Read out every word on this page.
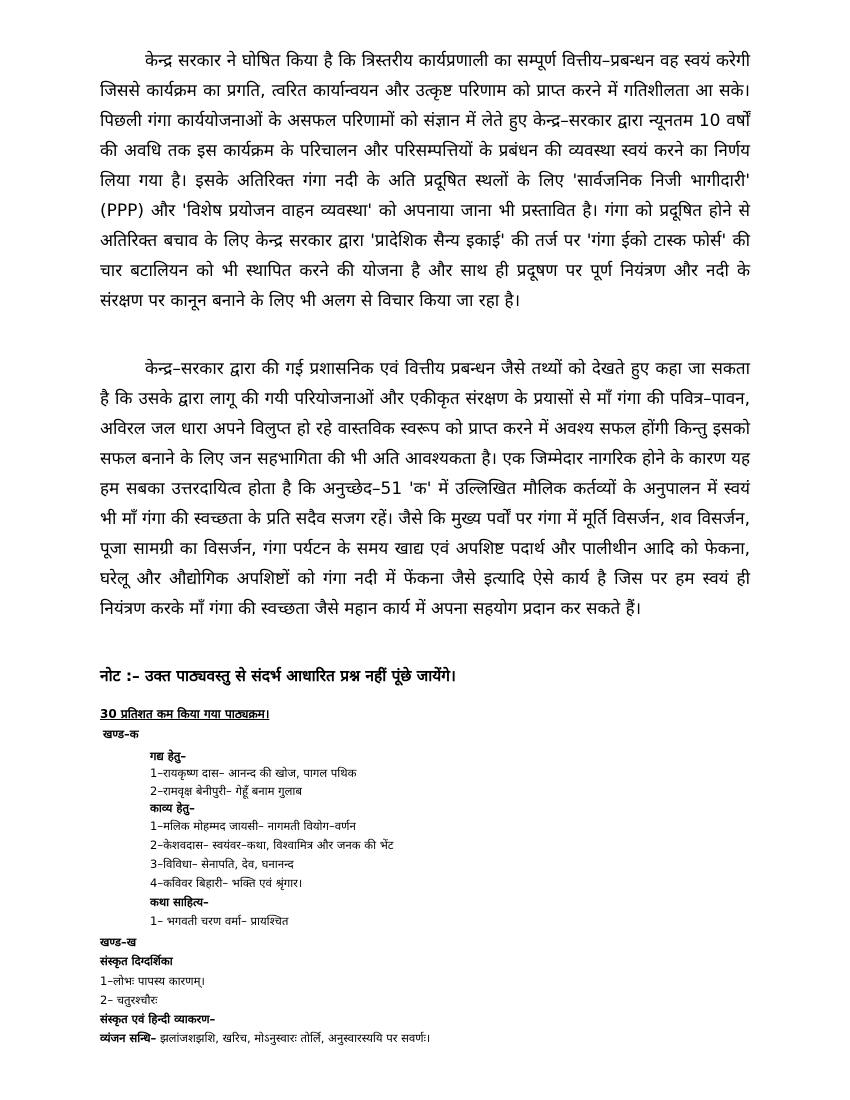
केन्द्र सरकार ने घोषित किया है कि त्रिस्तरीय कार्यप्रणाली का सम्पूर्ण वित्तीय–प्रबन्धन वह स्वयं करेगी जिससे कार्यक्रम का प्रगति, त्वरित कार्यान्वयन और उत्कृष्ट परिणाम को प्राप्त करने में गतिशीलता आ सके। पिछली गंगा कार्ययोजनाओं के असफल परिणामों को संज्ञान में लेते हुए केन्द्र–सरकार द्वारा न्यूनतम 10 वर्षों की अवधि तक इस कार्यक्रम के परिचालन और परिसम्पत्तियों के प्रबंधन की व्यवस्था स्वयं करने का निर्णय लिया गया है। इसके अतिरिक्त गंगा नदी के अति प्रदूषित स्थलों के लिए 'सार्वजनिक निजी भागीदारी' (PPP) और 'विशेष प्रयोजन वाहन व्यवस्था' को अपनाया जाना भी प्रस्तावित है। गंगा को प्रदूषित होने से अतिरिक्त बचाव के लिए केन्द्र सरकार द्वारा 'प्रादेशिक सैन्य इकाई' की तर्ज पर 'गंगा ईको टास्क फोर्स' की चार बटालियन को भी स्थापित करने की योजना है और साथ ही प्रदूषण पर पूर्ण नियंत्रण और नदी के संरक्षण पर कानून बनाने के लिए भी अलग से विचार किया जा रहा है।

केन्द्र–सरकार द्वारा की गई प्रशासनिक एवं वित्तीय प्रबन्धन जैसे तथ्यों को देखते हुए कहा जा सकता है कि उसके द्वारा लागू की गयी परियोजनाओं और एकीकृत संरक्षण के प्रयासों से माँ गंगा की पवित्र–पावन, अविरल जल धारा अपने विलुप्त हो रहे वास्तविक स्वरूप को प्राप्त करने में अवश्य सफल होंगी किन्तु इसको सफल बनाने के लिए जन सहभागिता की भी अति आवश्यकता है। एक जिम्मेदार नागरिक होने के कारण यह हम सबका उत्तरदायित्व होता है कि अनुच्छेद–51 'क' में उल्लिखित मौलिक कर्तव्यों के अनुपालन में स्वयं भी माँ गंगा की स्वच्छता के प्रति सदैव सजग रहें। जैसे कि मुख्य पर्वों पर गंगा में मूर्ति विसर्जन, शव विसर्जन, पूजा सामग्री का विसर्जन, गंगा पर्यटन के समय खाद्य एवं अपशिष्ट पदार्थ और पालीथीन आदि को फेकना, घरेलू और औद्योगिक अपशिष्टों को गंगा नदी में फेंकना जैसे इत्यादि ऐसे कार्य है जिस पर हम स्वयं ही नियंत्रण करके माँ गंगा की स्वच्छता जैसे महान कार्य में अपना सहयोग प्रदान कर सकते हैं।

नोट :– उक्त पाठ्यवस्तु से संदर्भ आधारित प्रश्न नहीं पूंछे जायेंगे।
30 प्रतिशत कम किया गया पाठ्यक्रम।
खण्ड–क
गद्य हेतु–
1–रायकृष्ण दास– आनन्द की खोज, पागल पथिक
2–रामवृक्ष बेनीपुरी– गेहूँ बनाम गुलाब
काव्य हेतु–
1–मलिक मोहम्मद जायसी– नागमती वियोग–वर्णन
2–केशवदास– स्वयंवर–कथा, विश्वामित्र और जनक की भेंट
3–विविधा– सेनापति, देव, घनानन्द
4–कविवर बिहारी– भक्ति एवं श्रृंगार।
कथा साहित्य–
1– भगवती चरण वर्मा– प्रायश्चित
खण्ड–ख
संस्कृत दिग्दर्शिका
1–लोभः पापस्य कारणम्।
2– चतुरश्चौरः
संस्कृत एवं हिन्दी व्याकरण–
व्यंजन सन्धि– झलांजशझशि, खरिच, मोऽनुस्वारः तोर्लि, अनुस्वारस्ययि पर सवर्णः।
